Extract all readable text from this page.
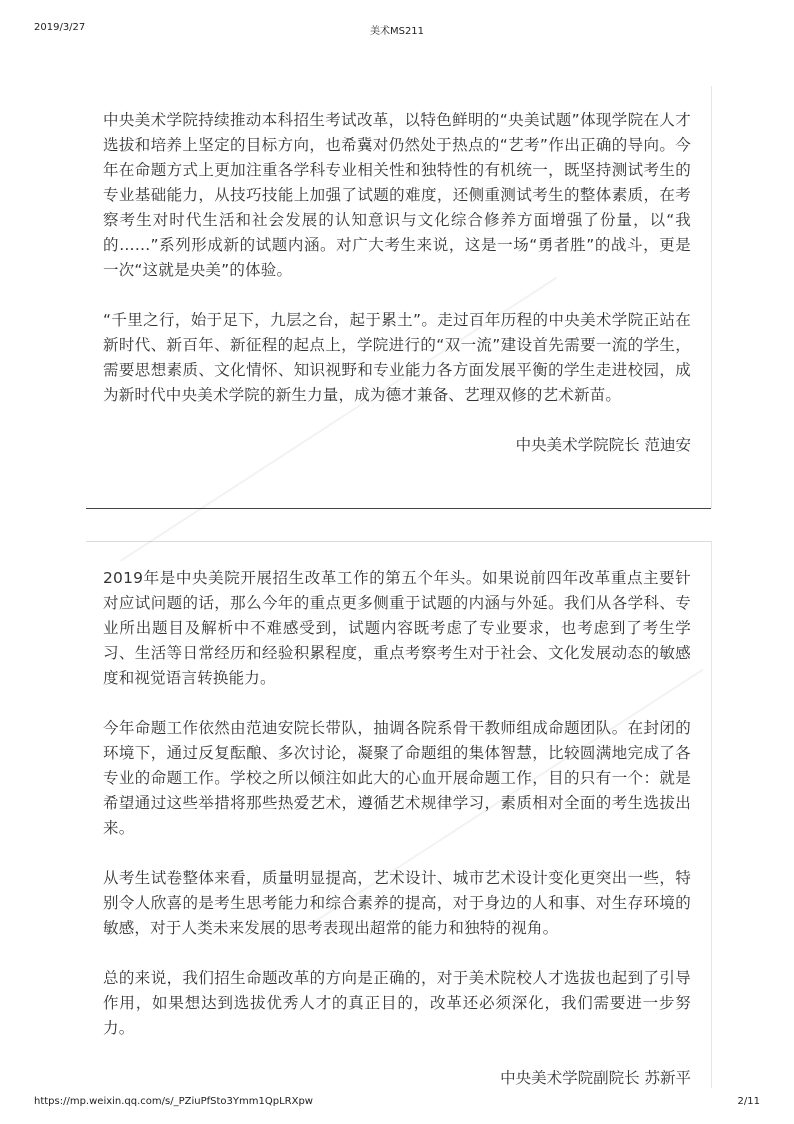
2019/3/27	美术MS211

中央美术学院持续推动本科招生考试改革，以特色鲜明的“央美试题”体现学院在人才选拔和培养上坚定的目标方向，也希冀对仍然处于热点的“艺考”作出正确的导向。今年在命题方式上更加注重各学科专业相关性和独特性的有机统一，既坚持测试考生的专业基础能力，从技巧技能上加强了试题的难度，还侧重测试考生的整体素质，在考察考生对时代生活和社会发展的认知意识与文化综合修养方面增强了份量，以“我的……”系列形成新的试题内涵。对广大考生来说，这是一场“勇者胜”的战斗，更是一次“这就是央美”的体验。

“千里之行，始于足下，九层之台，起于累土”。走过百年历程的中央美术学院正站在新时代、新百年、新征程的起点上，学院进行的“双一流”建设首先需要一流的学生，需要思想素质、文化情怀、知识视野和专业能力各方面发展平衡的学生走进校园，成为新时代中央美术学院的新生力量，成为德才兼备、艺理双修的艺术新苗。

中央美术学院院长 范迪安

2019年是中央美院开展招生改革工作的第五个年头。如果说前四年改革重点主要针对应试问题的话，那么今年的重点更多侧重于试题的内涵与外延。我们从各学科、专业所出题目及解析中不难感受到，试题内容既考虑了专业要求，也考虑到了考生学习、生活等日常经历和经验积累程度，重点考察考生对于社会、文化发展动态的敏感度和视觉语言转换能力。

今年命题工作依然由范迪安院长带队，抽调各院系骨干教师组成命题团队。在封闭的环境下，通过反复酝酿、多次讨论，凝聚了命题组的集体智慧，比较圆满地完成了各专业的命题工作。学校之所以倾注如此大的心血开展命题工作，目的只有一个：就是希望通过这些举措将那些热爱艺术，遵循艺术规律学习，素质相对全面的考生选拔出来。

从考生试卷整体来看，质量明显提高，艺术设计、城市艺术设计变化更突出一些，特别令人欣喜的是考生思考能力和综合素养的提高，对于身边的人和事、对生存环境的敏感，对于人类未来发展的思考表现出超常的能力和独特的视角。

总的来说，我们招生命题改革的方向是正确的，对于美术院校人才选拔也起到了引导作用，如果想达到选拔优秀人才的真正目的，改革还必须深化，我们需要进一步努力。

中央美术学院副院长 苏新平
https://mp.weixin.qq.com/s/_PZiuPfSto3Ymm1QpLRXpw	2/11
